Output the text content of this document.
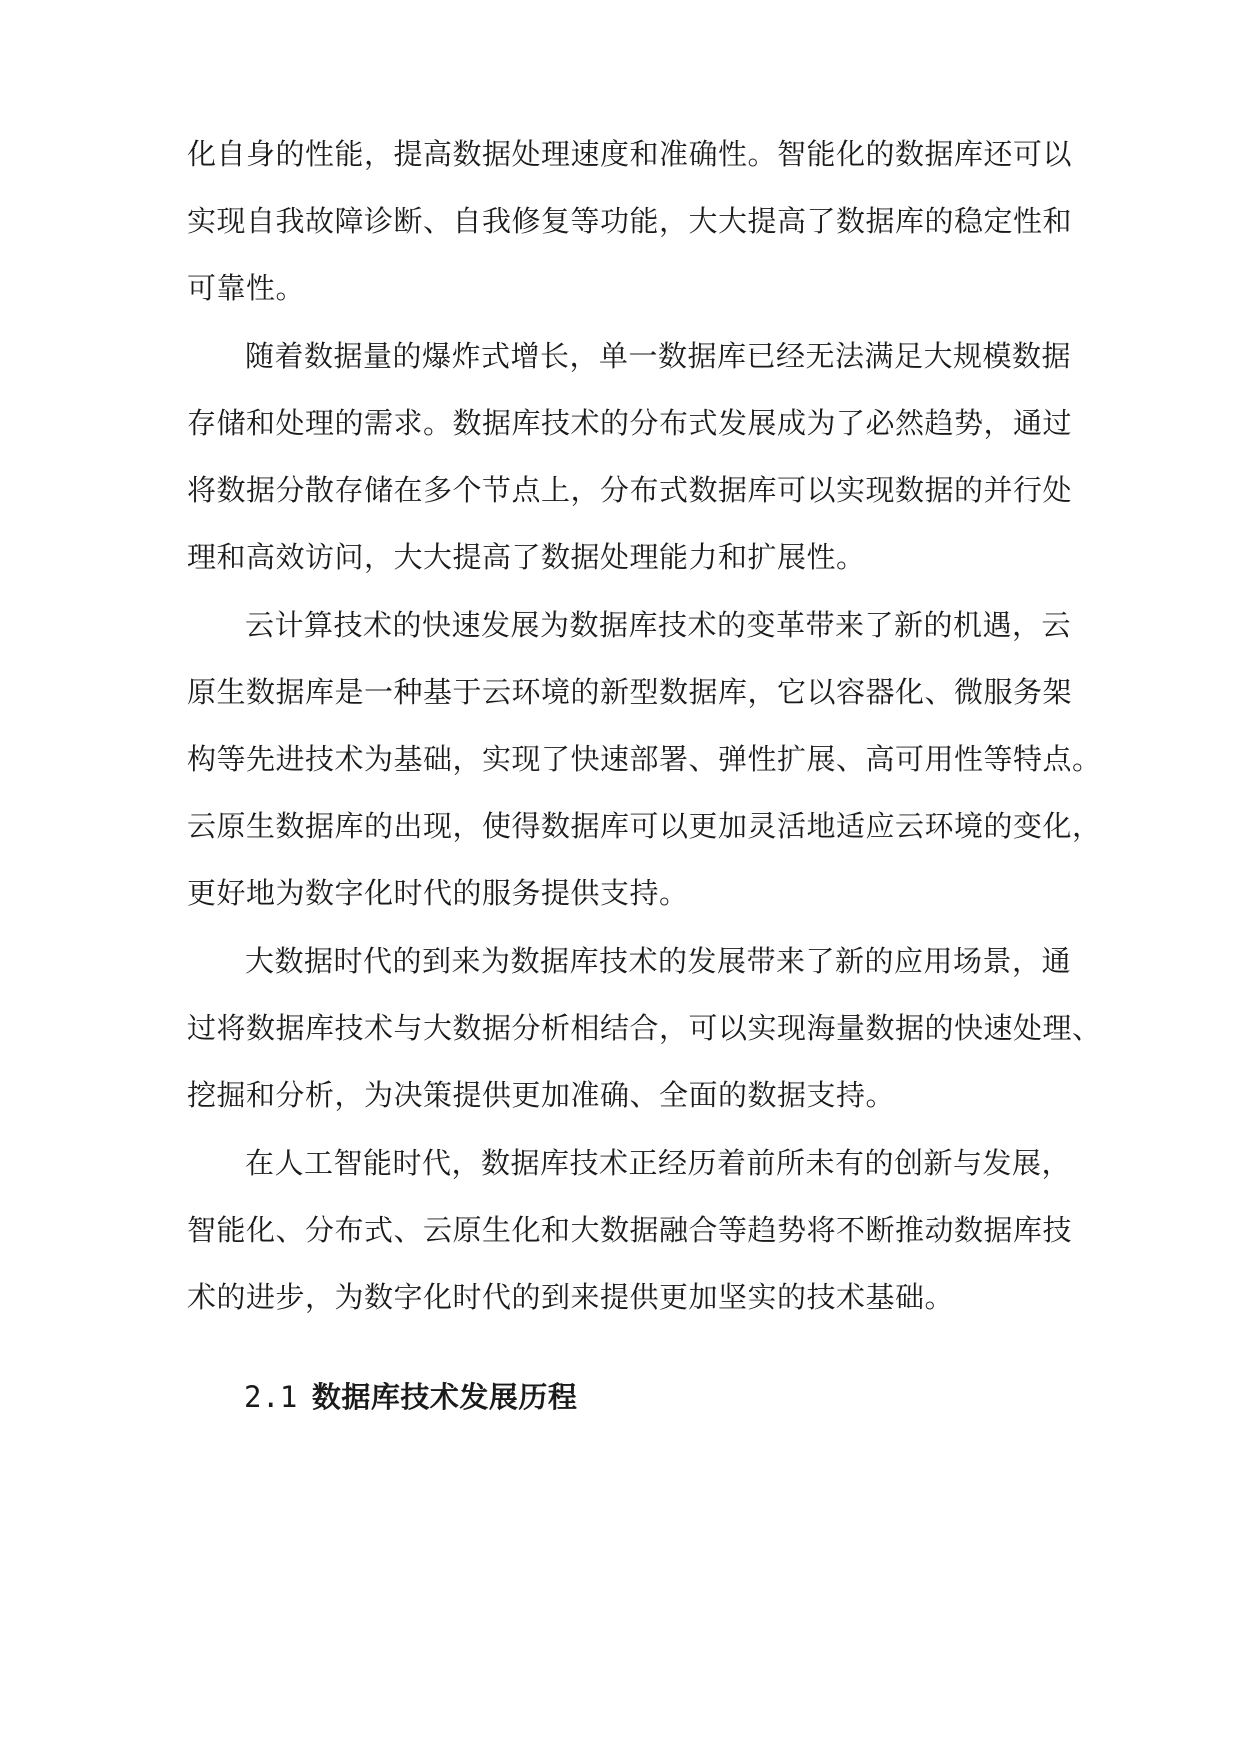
化自身的性能，提高数据处理速度和准确性。智能化的数据库还可以
实现自我故障诊断、自我修复等功能，大大提高了数据库的稳定性和
可靠性。
随着数据量的爆炸式增长，单一数据库已经无法满足大规模数据
存储和处理的需求。数据库技术的分布式发展成为了必然趋势，通过
将数据分散存储在多个节点上，分布式数据库可以实现数据的并行处
理和高效访问，大大提高了数据处理能力和扩展性。
云计算技术的快速发展为数据库技术的变革带来了新的机遇，云
原生数据库是一种基于云环境的新型数据库，它以容器化、微服务架
构等先进技术为基础，实现了快速部署、弹性扩展、高可用性等特点。
云原生数据库的出现，使得数据库可以更加灵活地适应云环境的变化，
更好地为数字化时代的服务提供支持。
大数据时代的到来为数据库技术的发展带来了新的应用场景，通
过将数据库技术与大数据分析相结合，可以实现海量数据的快速处理、
挖掘和分析，为决策提供更加准确、全面的数据支持。
在人工智能时代，数据库技术正经历着前所未有的创新与发展，
智能化、分布式、云原生化和大数据融合等趋势将不断推动数据库技
术的进步，为数字化时代的到来提供更加坚实的技术基础。
2.1 数据库技术发展历程
